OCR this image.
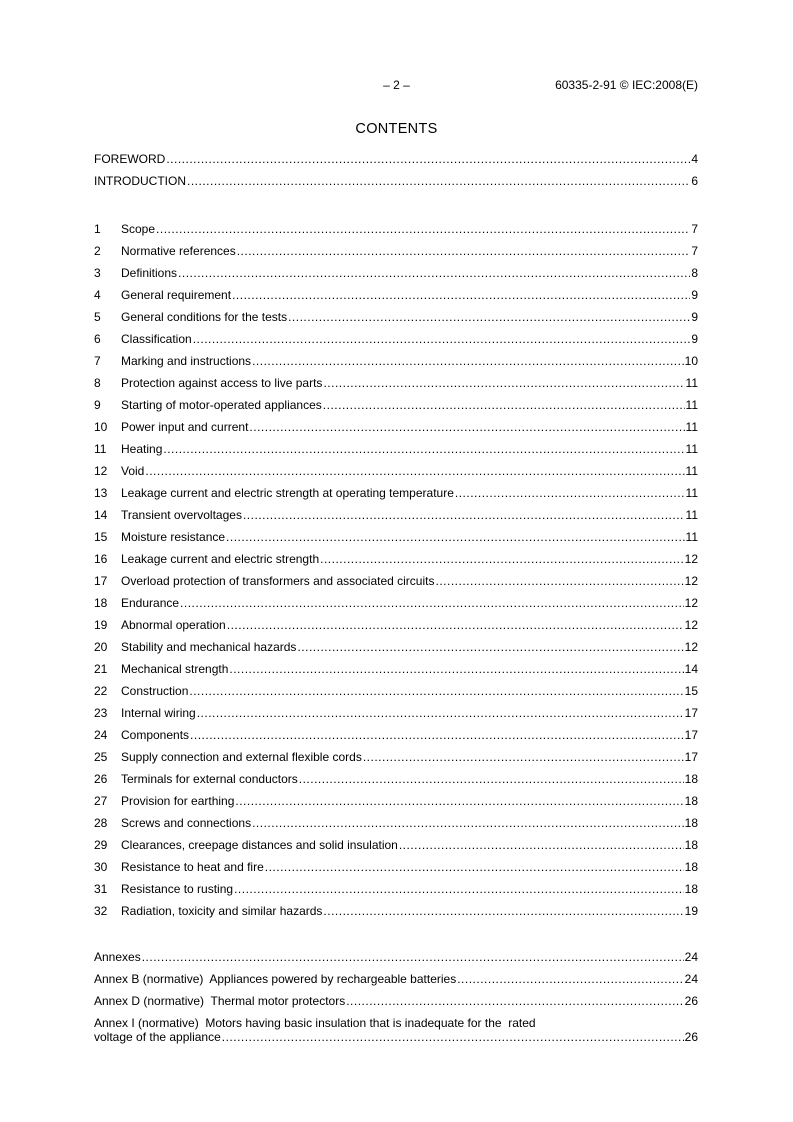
– 2 –	60335-2-91 © IEC:2008(E)
CONTENTS
FOREWORD .....	4
INTRODUCTION .....	6
1	Scope .....	7
2	Normative references .....	7
3	Definitions .....	8
4	General requirement .....	9
5	General conditions for the tests .....	9
6	Classification .....	9
7	Marking and instructions .....	10
8	Protection against access to live parts .....	11
9	Starting of motor-operated appliances .....	11
10	Power input and current .....	11
11	Heating .....	11
12	Void .....	11
13	Leakage current and electric strength at operating temperature .....	11
14	Transient overvoltages .....	11
15	Moisture resistance .....	11
16	Leakage current and electric strength .....	12
17	Overload protection of transformers and associated circuits .....	12
18	Endurance .....	12
19	Abnormal operation .....	12
20	Stability and mechanical hazards .....	12
21	Mechanical strength .....	14
22	Construction .....	15
23	Internal wiring .....	17
24	Components .....	17
25	Supply connection and external flexible cords .....	17
26	Terminals for external conductors .....	18
27	Provision for earthing .....	18
28	Screws and connections .....	18
29	Clearances, creepage distances and solid insulation .....	18
30	Resistance to heat and fire .....	18
31	Resistance to rusting .....	18
32	Radiation, toxicity and similar hazards .....	19
Annexes .....	24
Annex B (normative)  Appliances powered by rechargeable batteries .....	24
Annex D (normative)  Thermal motor protectors .....	26
Annex I (normative)  Motors having basic insulation that is inadequate for the  rated
voltage of the appliance .....	26
